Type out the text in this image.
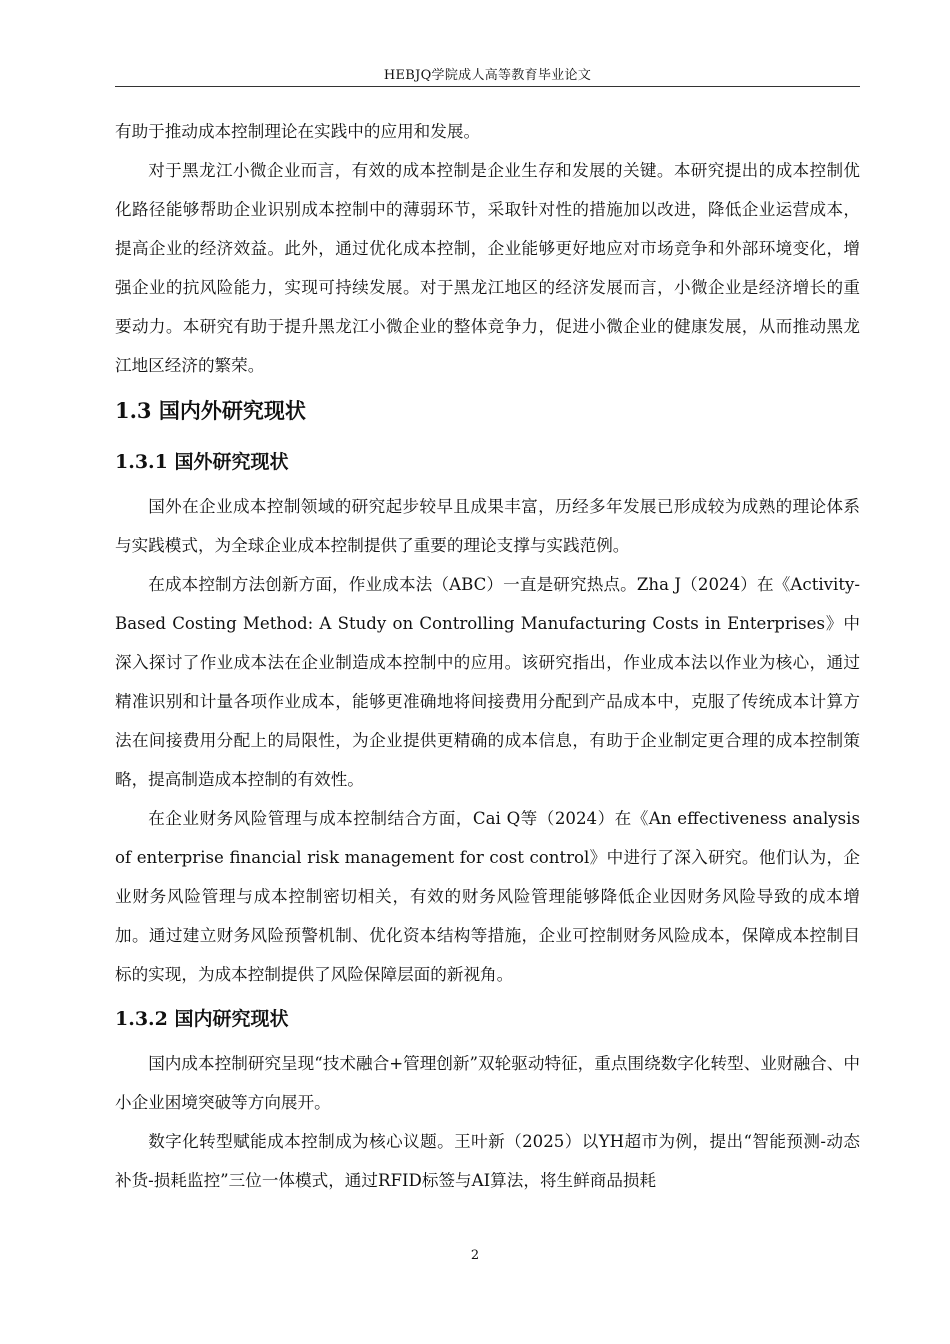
HEBJQ学院成人高等教育毕业论文

有助于推动成本控制理论在实践中的应用和发展。

对于黑龙江小微企业而言，有效的成本控制是企业生存和发展的关键。本研究提出的成本控制优化路径能够帮助企业识别成本控制中的薄弱环节，采取针对性的措施加以改进，降低企业运营成本，提高企业的经济效益。此外，通过优化成本控制，企业能够更好地应对市场竞争和外部环境变化，增强企业的抗风险能力，实现可持续发展。对于黑龙江地区的经济发展而言，小微企业是经济增长的重要动力。本研究有助于提升黑龙江小微企业的整体竞争力，促进小微企业的健康发展，从而推动黑龙江地区经济的繁荣。

1.3 国内外研究现状
1.3.1 国外研究现状

国外在企业成本控制领域的研究起步较早且成果丰富，历经多年发展已形成较为成熟的理论体系与实践模式，为全球企业成本控制提供了重要的理论支撑与实践范例。

在成本控制方法创新方面，作业成本法（ABC）一直是研究热点。Zha J（2024）在《Activity-Based Costing Method: A Study on Controlling Manufacturing Costs in Enterprises》中深入探讨了作业成本法在企业制造成本控制中的应用。该研究指出，作业成本法以作业为核心，通过精准识别和计量各项作业成本，能够更准确地将间接费用分配到产品成本中，克服了传统成本计算方法在间接费用分配上的局限性，为企业提供更精确的成本信息，有助于企业制定更合理的成本控制策略，提高制造成本控制的有效性。

在企业财务风险管理与成本控制结合方面，Cai Q等（2024）在《An effectiveness analysis of enterprise financial risk management for cost control》中进行了深入研究。他们认为，企业财务风险管理与成本控制密切相关，有效的财务风险管理能够降低企业因财务风险导致的成本增加。通过建立财务风险预警机制、优化资本结构等措施，企业可控制财务风险成本，保障成本控制目标的实现，为成本控制提供了风险保障层面的新视角。

1.3.2 国内研究现状

国内成本控制研究呈现“技术融合+管理创新”双轮驱动特征，重点围绕数字化转型、业财融合、中小企业困境突破等方向展开。

数字化转型赋能成本控制成为核心议题。王叶新（2025）以YH超市为例，提出“智能预测-动态补货-损耗监控”三位一体模式，通过RFID标签与AI算法，将生鲜商品损耗

2
